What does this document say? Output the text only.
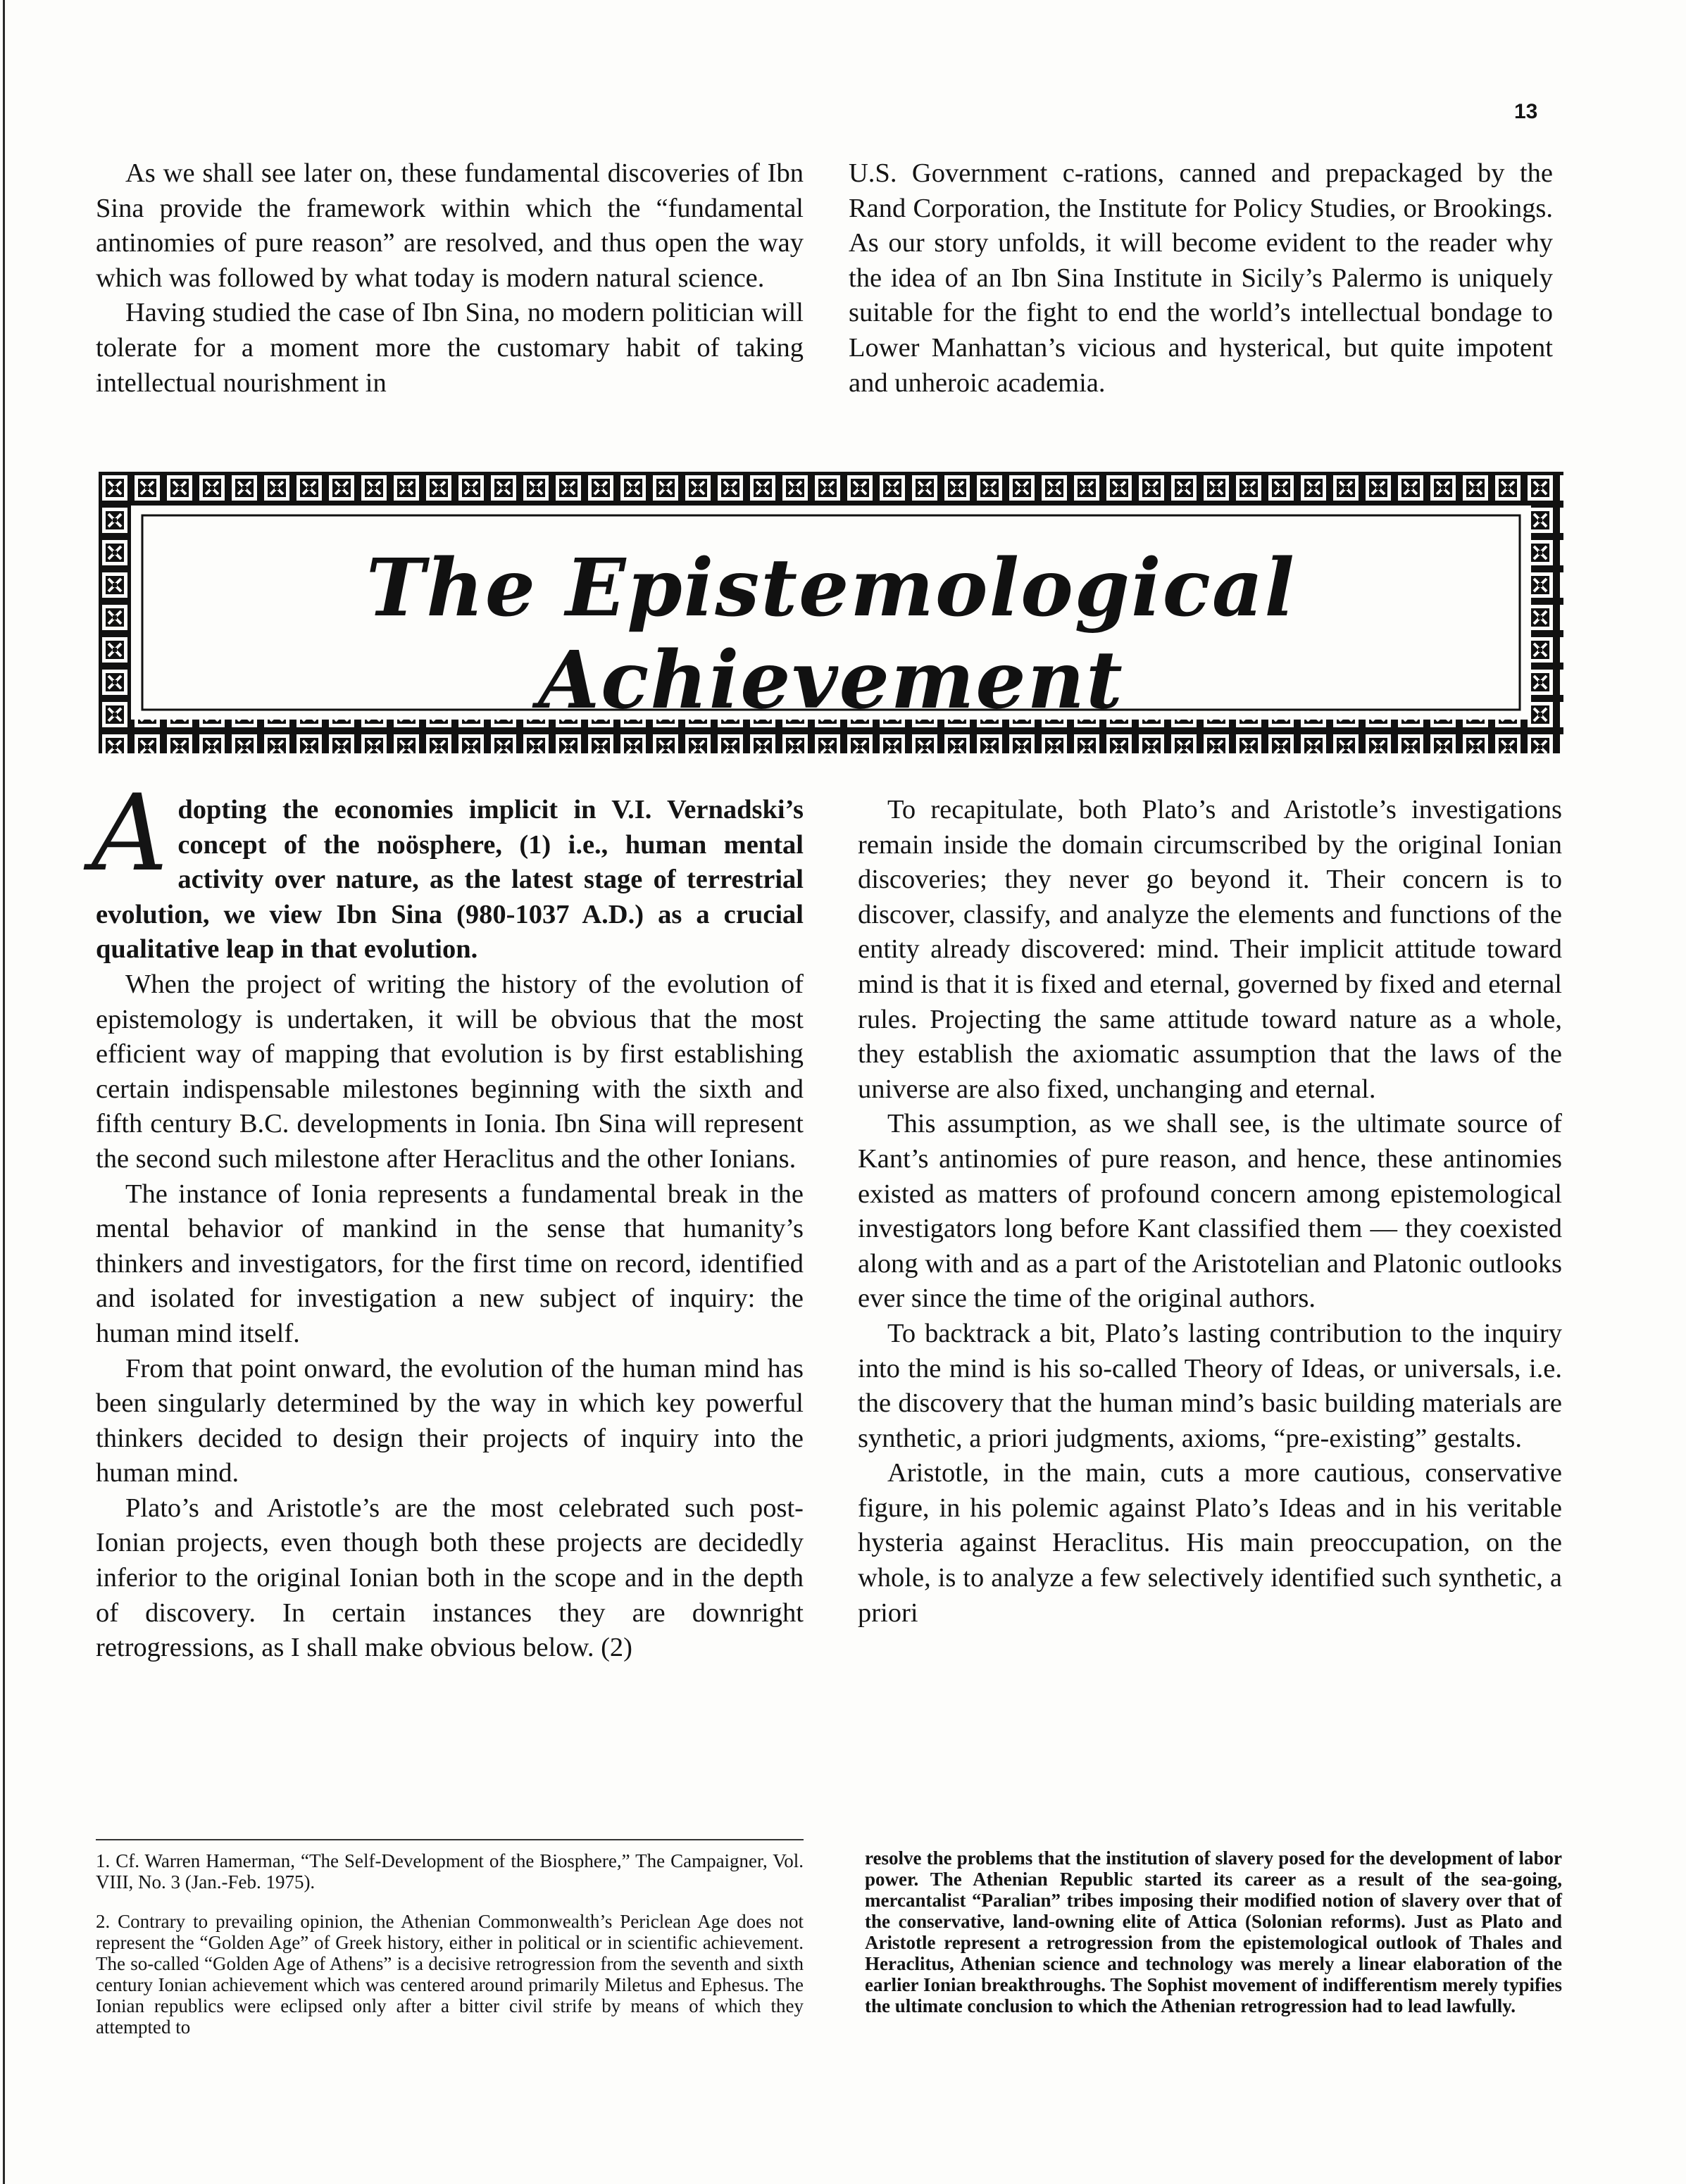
13

As we shall see later on, these fundamental discoveries of Ibn Sina provide the framework within which the “fundamental antinomies of pure reason” are resolved, and thus open the way which was followed by what today is modern natural science.

Having studied the case of Ibn Sina, no modern politician will tolerate for a moment more the customary habit of taking intellectual nourishment in

U.S. Government c-rations, canned and prepackaged by the Rand Corporation, the Institute for Policy Studies, or Brookings. As our story unfolds, it will become evident to the reader why the idea of an Ibn Sina Institute in Sicily’s Palermo is uniquely suitable for the fight to end the world’s intellectual bondage to Lower Manhattan’s vicious and hysterical, but quite impotent and unheroic academia.

The Epistemological Achievement

Adopting the economies implicit in V.I. Vernadski’s concept of the noösphere, (1) i.e., human mental activity over nature, as the latest stage of terrestrial evolution, we view Ibn Sina (980-1037 A.D.) as a crucial qualitative leap in that evolution.

When the project of writing the history of the evolution of epistemology is undertaken, it will be obvious that the most efficient way of mapping that evolution is by first establishing certain indispensable milestones beginning with the sixth and fifth century B.C. developments in Ionia. Ibn Sina will represent the second such milestone after Heraclitus and the other Ionians.

The instance of Ionia represents a fundamental break in the mental behavior of mankind in the sense that humanity’s thinkers and investigators, for the first time on record, identified and isolated for investigation a new subject of inquiry: the human mind itself.

From that point onward, the evolution of the human mind has been singularly determined by the way in which key powerful thinkers decided to design their projects of inquiry into the human mind.

Plato’s and Aristotle’s are the most celebrated such post-Ionian projects, even though both these projects are decidedly inferior to the original Ionian both in the scope and in the depth of discovery. In certain instances they are downright retrogressions, as I shall make obvious below. (2)

To recapitulate, both Plato’s and Aristotle’s investigations remain inside the domain circumscribed by the original Ionian discoveries; they never go beyond it. Their concern is to discover, classify, and analyze the elements and functions of the entity already discovered: mind. Their implicit attitude toward mind is that it is fixed and eternal, governed by fixed and eternal rules. Projecting the same attitude toward nature as a whole, they establish the axiomatic assumption that the laws of the universe are also fixed, unchanging and eternal.

This assumption, as we shall see, is the ultimate source of Kant’s antinomies of pure reason, and hence, these antinomies existed as matters of profound concern among epistemological investigators long before Kant classified them — they coexisted along with and as a part of the Aristotelian and Platonic outlooks ever since the time of the original authors.

To backtrack a bit, Plato’s lasting contribution to the inquiry into the mind is his so-called Theory of Ideas, or universals, i.e. the discovery that the human mind’s basic building materials are synthetic, a priori judgments, axioms, “pre-existing” gestalts.

Aristotle, in the main, cuts a more cautious, conservative figure, in his polemic against Plato’s Ideas and in his veritable hysteria against Heraclitus. His main preoccupation, on the whole, is to analyze a few selectively identified such synthetic, a priori

1. Cf. Warren Hamerman, “The Self-Development of the Biosphere,” The Campaigner, Vol. VIII, No. 3 (Jan.-Feb. 1975).

2. Contrary to prevailing opinion, the Athenian Commonwealth’s Periclean Age does not represent the “Golden Age” of Greek history, either in political or in scientific achievement. The so-called “Golden Age of Athens” is a decisive retrogression from the seventh and sixth century Ionian achievement which was centered around primarily Miletus and Ephesus. The Ionian republics were eclipsed only after a bitter civil strife by means of which they attempted to

resolve the problems that the institution of slavery posed for the development of labor power. The Athenian Republic started its career as a result of the sea-going, mercantalist “Paralian” tribes imposing their modified notion of slavery over that of the conservative, land-owning elite of Attica (Solonian reforms). Just as Plato and Aristotle represent a retrogression from the epistemological outlook of Thales and Heraclitus, Athenian science and technology was merely a linear elaboration of the earlier Ionian breakthroughs. The Sophist movement of indifferentism merely typifies the ultimate conclusion to which the Athenian retrogression had to lead lawfully.
